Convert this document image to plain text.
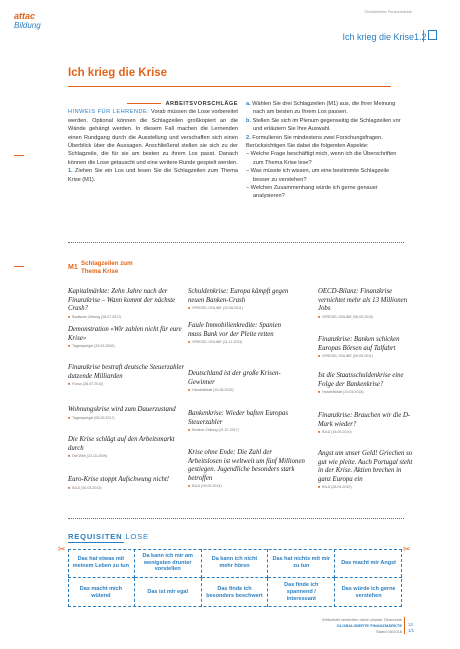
attac
Bildung
Globalisierte Finanzmärkte
Ich krieg die Krise 1.2
Ich krieg die Krise
ARBEITSVORSCHLÄGE

HINWEIS FÜR LEHRENDE: Vorab müssen die Lose vorbereitet werden. Optional können die Schlagzeilen großkopiert an die Wände gehängt werden. In diesem Fall machen die Lernenden einen Rundgang durch die Ausstellung und verschaffen sich einen Überblick über die Aussagen. Anschließend stellen sie sich zu der Schlagzeile, die für sie am besten zu ihrem Los passt. Danach können die Lose getauscht und eine weitere Runde gespielt werden.

1. Ziehen Sie ein Los und lesen Sie die Schlagzeilen zum Thema Krise (M1).

a. Wählen Sie drei Schlagzeilen (M1) aus, die Ihrer Meinung nach am besten zu Ihrem Los passen.

b. Stellen Sie sich im Plenum gegenseitig die Schlagzeilen vor und erläutern Sie Ihre Auswahl.

2. Formulieren Sie mindestens zwei Forschungsfragen. Berücksichtigen Sie dabei die folgenden Aspekte:

– Welche Frage beschäftigt mich, wenn ich die Überschriften zum Thema Krise lese?

– Was müsste ich wissen, um eine bestimmte Schlagzeile besser zu verstehen?

– Welchen Zusammenhang würde ich gerne genauer analysieren?

M1
Schlagzeilen zum
Thema Krise
Kapitalmärkte: Zehn Jahre nach der Finanzkrise – Wann kommt der nächste Crash?
■ Badische Zeitung (28.07.2017)
Demonstration «Wir zahlen nicht für eure Krise»
■ Tagesspiegel (29.03.2009)
Finanzkrise bestraft deutsche Steuerzahler dutzende Milliarden
■ Focus (28.07.2010)
Wohnungskrise wird zum Dauerzustand
■ Tagesspiegel (06.09.2017)
Die Krise schlägt auf den Arbeitsmarkt durch
■ Die Welt (23.10.2009)
Euro-Krise stoppt Aufschwung nicht!
■ BILD (30.03.2013)
Schuldenkrise: Europa kämpft gegen neuen Banken-Crash
■ SPIEGEL ONLINE (10.08.2011)
Faule Immobilienkredite: Spanien muss Bank vor der Pleite retten
■ SPIEGEL ONLINE (11.11.2011)
Deutschland ist der große Krisen-Gewinner
■ Handelsblatt (10.08.2015)
Bankenkrise: Wieder haften Europas Steuerzahler
■ Berliner Zeitung (21.07.2017)
Krise ohne Ende: Die Zahl der Arbeitslosen ist weltweit um fünf Millionen gestiegen. Jugendliche besonders stark betroffen
■ BILD (09.09.2014)
OECD-Bilanz: Finanzkrise vernichtet mehr als 13 Millionen Jobs
■ SPIEGEL ONLINE (08.09.2010)
Finanzkrise: Banken schicken Europas Börsen auf Talfahrt
■ SPIEGEL ONLINE (05.09.2011)
Ist die Staatsschuldenkrise eine Folge der Bankenkrise?
■ Handelsblatt (19.04.2018)
Finanzkrise: Brauchen wir die D-Mark wieder?
■ BILD (16.05.2010)
Angst um unser Geld! Griechen so gut wie pleite. Auch Portugal steht in der Krise. Aktien brechen in ganz Europa ein
■ BILD (28.04.2010)
REQUISITEN LOSE
✂	✂
Das hat etwas mit meinem Leben zu tun
Da kann ich mir am wenigsten drunter vorstellen
Da kann ich nicht mehr hören
Das hat nichts mit mir zu tun
Das macht mir Angst
Das macht mich wütend
Das ist mir egal
Das finde ich besonders beschwert
Das finde ich spannend / interessant
Das würde ich gerne verstehen
Wirtschaft verstehen durch plurale Ökonomie
GLOBALISIERTE FINANZMÄRKTE
Stand 05/2018
12
1/1
